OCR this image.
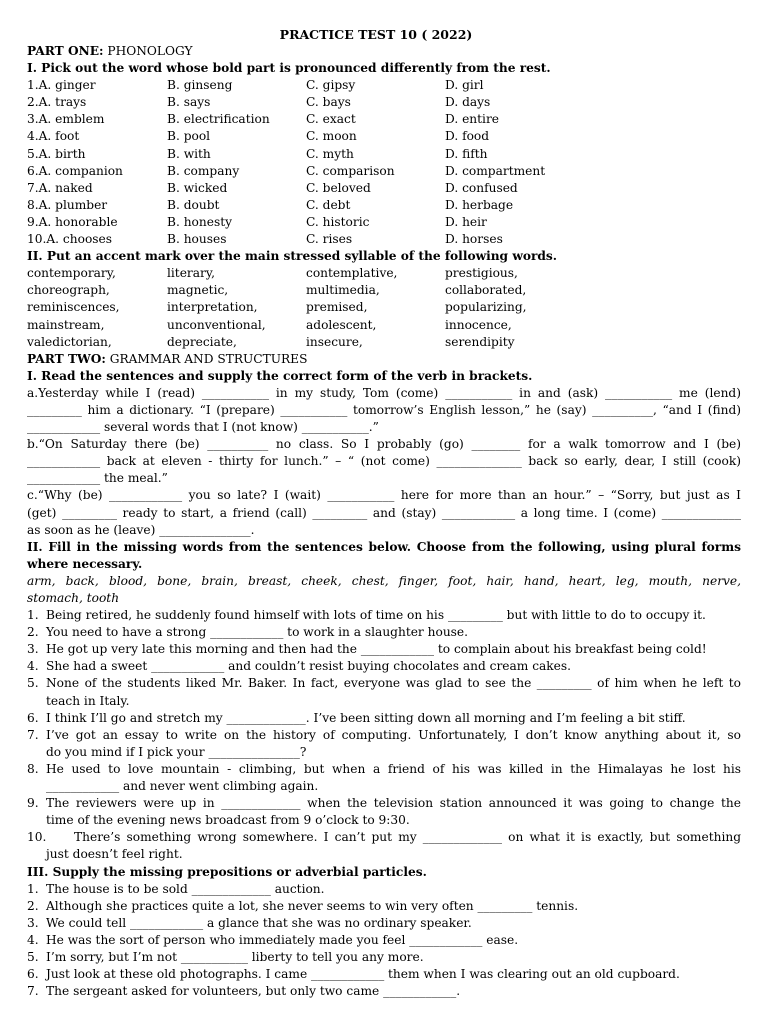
PRACTICE TEST 10 ( 2022)
PART ONE: PHONOLOGY
I. Pick out the word whose bold part is pronounced differently from the rest.
1.A. ginger	B. ginseng	C. gipsy	D. girl
2.A. trays	B. says	C. bays	D. days
3.A. emblem	B. electrification	C. exact	D. entire
4.A. foot	B. pool	C. moon	D. food
5.A. birth	B. with	C. myth	D. fifth
6.A. companion	B. company	C. comparison	D. compartment
7.A. naked	B. wicked	C. beloved	D. confused
8.A. plumber	B. doubt	C. debt	D. herbage
9.A. honorable	B. honesty	C. historic	D. heir
10.A. chooses	B. houses	C. rises	D. horses
II. Put an accent mark over the main stressed syllable of the following words.
contemporary,	literary,	contemplative,	prestigious,
choreograph,	magnetic,	multimedia,	collaborated,
reminiscences,	interpretation,	premised,	popularizing,
mainstream,	unconventional,	adolescent,	innocence,
valedictorian,	depreciate,	insecure,	serendipity
PART TWO: GRAMMAR AND STRUCTURES
I. Read the sentences and supply the correct form of the verb in brackets.
a.Yesterday while I (read) ___________ in my study, Tom (come) ___________ in and (ask) ___________ me (lend)
_________ him a dictionary. “I (prepare) ___________ tomorrow’s English lesson,” he (say) __________, “and I (find)
____________ several words that I (not know) ___________.”
b.“On Saturday there (be) __________ no class. So I probably (go) ________ for a walk tomorrow and I (be)
____________ back at eleven - thirty for lunch.” – “ (not come) ______________ back so early, dear, I still (cook)
____________ the meal.”
c.“Why (be) ____________ you so late? I (wait) ___________ here for more than an hour.” – “Sorry, but just as I
(get) _________ ready to start, a friend (call) _________ and (stay) ____________ a long time. I (come) _____________
as soon as he (leave) _______________.
II. Fill in the missing words from the sentences below. Choose from the following, using plural forms
where necessary.
arm, back, blood, bone, brain, breast, cheek, chest, finger, foot, hair, hand, heart, leg, mouth, nerve,
stomach, tooth
1. Being retired, he suddenly found himself with lots of time on his _________ but with little to do to occupy it.
2. You need to have a strong ____________ to work in a slaughter house.
3. He got up very late this morning and then had the ____________ to complain about his breakfast being cold!
4. She had a sweet ____________ and couldn’t resist buying chocolates and cream cakes.
5. None of the students liked Mr. Baker. In fact, everyone was glad to see the _________ of him when he left to
teach in Italy.
6. I think I’ll go and stretch my _____________. I’ve been sitting down all morning and I’m feeling a bit stiff.
7. I’ve got an essay to write on the history of computing. Unfortunately, I don’t know anything about it, so
do you mind if I pick your _______________?
8. He used to love mountain - climbing, but when a friend of his was killed in the Himalayas he lost his
____________ and never went climbing again.
9. The reviewers were up in _____________ when the television station announced it was going to change the
time of the evening news broadcast from 9 o’clock to 9:30.
10.	There’s something wrong somewhere. I can’t put my _____________ on what it is exactly, but something
just doesn’t feel right.
III. Supply the missing prepositions or adverbial particles.
1. The house is to be sold _____________ auction.
2. Although she practices quite a lot, she never seems to win very often _________ tennis.
3. We could tell ____________ a glance that she was no ordinary speaker.
4. He was the sort of person who immediately made you feel ____________ ease.
5. I’m sorry, but I’m not ___________ liberty to tell you any more.
6. Just look at these old photographs. I came ____________ them when I was clearing out an old cupboard.
7. The sergeant asked for volunteers, but only two came ____________.
